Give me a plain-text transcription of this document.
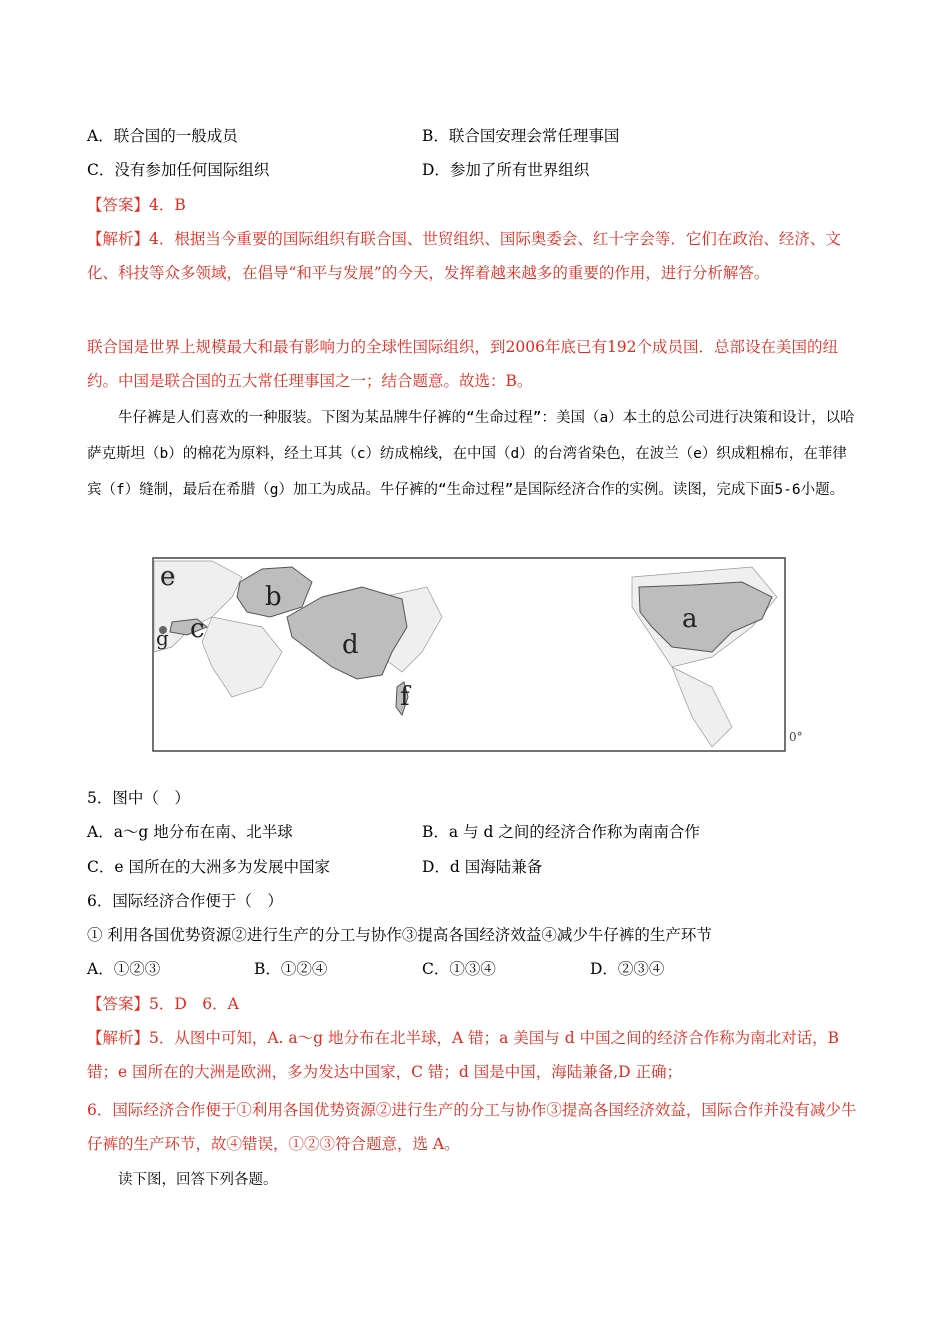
A．联合国的一般成员	B．联合国安理会常任理事国
C．没有参加任何国际组织	D．参加了所有世界组织
【答案】4．B
【解析】4．根据当今重要的国际组织有联合国、世贸组织、国际奥委会、红十字会等．它们在政治、经济、文化、科技等众多领域，在倡导“和平与发展”的今天，发挥着越来越多的重要的作用，进行分析解答。
联合国是世界上规模最大和最有影响力的全球性国际组织，到2006年底已有192个成员国．总部设在美国的纽约。中国是联合国的五大常任理事国之一；结合题意。故选：B。
牛仔裤是人们喜欢的一种服装。下图为某品牌牛仔裤的“生命过程”：美国（a）本土的总公司进行决策和设计，以哈萨克斯坦（b）的棉花为原料，经土耳其（c）纺成棉线，在中国（d）的台湾省染色，在波兰（e）织成粗棉布，在菲律宾（f）缝制，最后在希腊（g）加工为成品。牛仔裤的“生命过程”是国际经济合作的实例。读图，完成下面5-6小题。
a
b
c
d
e
f
g
0°
5．图中（　）
A．a～g 地分布在南、北半球	B．a 与 d 之间的经济合作称为南南合作
C．e 国所在的大洲多为发展中国家	D．d 国海陆兼备
6．国际经济合作便于（　）
① 利用各国优势资源②进行生产的分工与协作③提高各国经济效益④减少牛仔裤的生产环节
A．①②③	B．①②④	C．①③④	D．②③④
【答案】5．D　6．A
【解析】5．从图中可知，A. a～g 地分布在北半球，A 错；a 美国与 d 中国之间的经济合作称为南北对话，B 错；e 国所在的大洲是欧洲，多为发达中国家，C 错；d 国是中国，海陆兼备,D 正确；
6．国际经济合作便于①利用各国优势资源②进行生产的分工与协作③提高各国经济效益，国际合作并没有减少牛仔裤的生产环节，故④错误，①②③符合题意，选 A。
读下图，回答下列各题。
